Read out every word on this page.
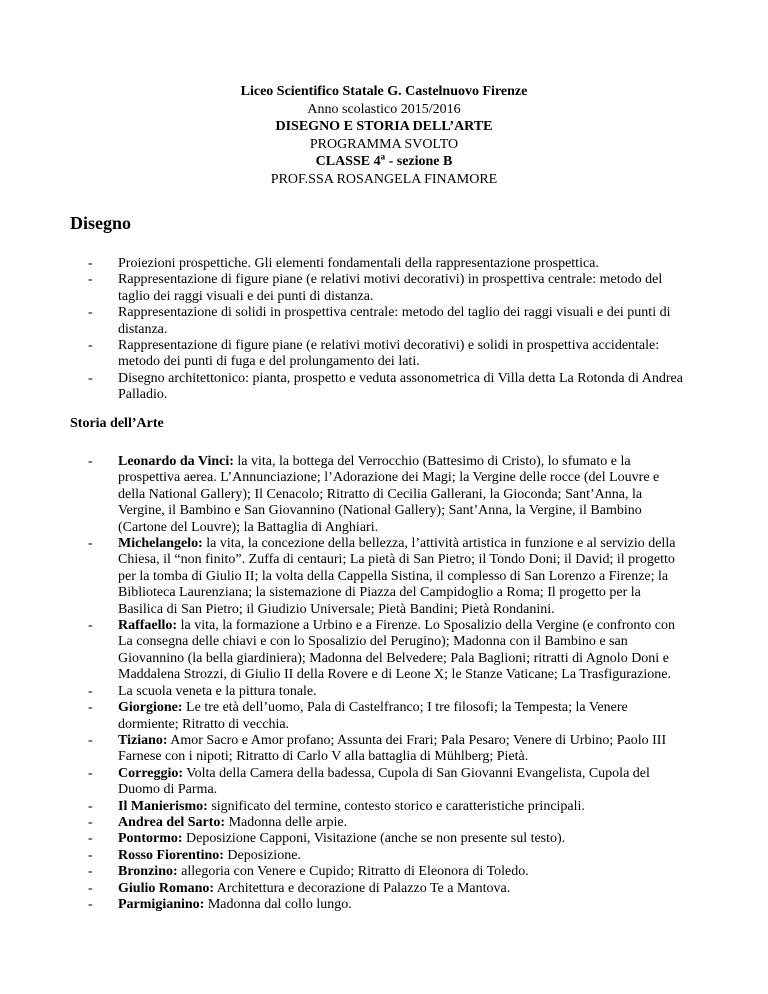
Liceo Scientifico Statale G. Castelnuovo Firenze
Anno scolastico 2015/2016
DISEGNO E STORIA DELL’ARTE
PROGRAMMA SVOLTO
CLASSE 4$^a$ - sezione B
PROF.SSA ROSANGELA FINAMORE
Disegno
- Proiezioni prospettiche. Gli elementi fondamentali della rappresentazione prospettica.
- Rappresentazione di figure piane (e relativi motivi decorativi) in prospettiva centrale: metodo del taglio dei raggi visuali e dei punti di distanza.
- Rappresentazione di solidi in prospettiva centrale: metodo del taglio dei raggi visuali e dei punti di distanza.
- Rappresentazione di figure piane (e relativi motivi decorativi) e solidi in prospettiva accidentale: metodo dei punti di fuga e del prolungamento dei lati.
- Disegno architettonico: pianta, prospetto e veduta assonometrica di Villa detta La Rotonda di Andrea Palladio.
Storia dell’Arte
- Leonardo da Vinci: la vita, la bottega del Verrocchio (Battesimo di Cristo), lo sfumato e la prospettiva aerea. L’Annunciazione; l’Adorazione dei Magi; la Vergine delle rocce (del Louvre e della National Gallery); Il Cenacolo; Ritratto di Cecilia Gallerani, la Gioconda; Sant’Anna, la Vergine, il Bambino e San Giovannino (National Gallery); Sant’Anna, la Vergine, il Bambino (Cartone del Louvre); la Battaglia di Anghiari.
- Michelangelo: la vita, la concezione della bellezza, l’attività artistica in funzione e al servizio della Chiesa, il “non finito”. Zuffa di centauri; La pietà di San Pietro; il Tondo Doni; il David; il progetto per la tomba di Giulio II; la volta della Cappella Sistina, il complesso di San Lorenzo a Firenze; la Biblioteca Laurenziana; la sistemazione di Piazza del Campidoglio a Roma; Il progetto per la Basilica di San Pietro; il Giudizio Universale; Pietà Bandini; Pietà Rondanini.
- Raffaello: la vita, la formazione a Urbino e a Firenze. Lo Sposalizio della Vergine (e confronto con La consegna delle chiavi e con lo Sposalizio del Perugino); Madonna con il Bambino e san Giovannino (la bella giardiniera); Madonna del Belvedere; Pala Baglioni; ritratti di Agnolo Doni e Maddalena Strozzi, di Giulio II della Rovere e di Leone X; le Stanze Vaticane; La Trasfigurazione.
- La scuola veneta e la pittura tonale.
- Giorgione: Le tre età dell’uomo, Pala di Castelfranco; I tre filosofi; la Tempesta; la Venere dormiente; Ritratto di vecchia.
- Tiziano: Amor Sacro e Amor profano; Assunta dei Frari; Pala Pesaro; Venere di Urbino; Paolo III Farnese con i nipoti; Ritratto di Carlo V alla battaglia di Mühlberg; Pietà.
- Correggio: Volta della Camera della badessa, Cupola di San Giovanni Evangelista, Cupola del Duomo di Parma.
- Il Manierismo: significato del termine, contesto storico e caratteristiche principali.
- Andrea del Sarto: Madonna delle arpie.
- Pontormo: Deposizione Capponi, Visitazione (anche se non presente sul testo).
- Rosso Fiorentino: Deposizione.
- Bronzino: allegoria con Venere e Cupido; Ritratto di Eleonora di Toledo.
- Giulio Romano: Architettura e decorazione di Palazzo Te a Mantova.
- Parmigianino: Madonna dal collo lungo.
